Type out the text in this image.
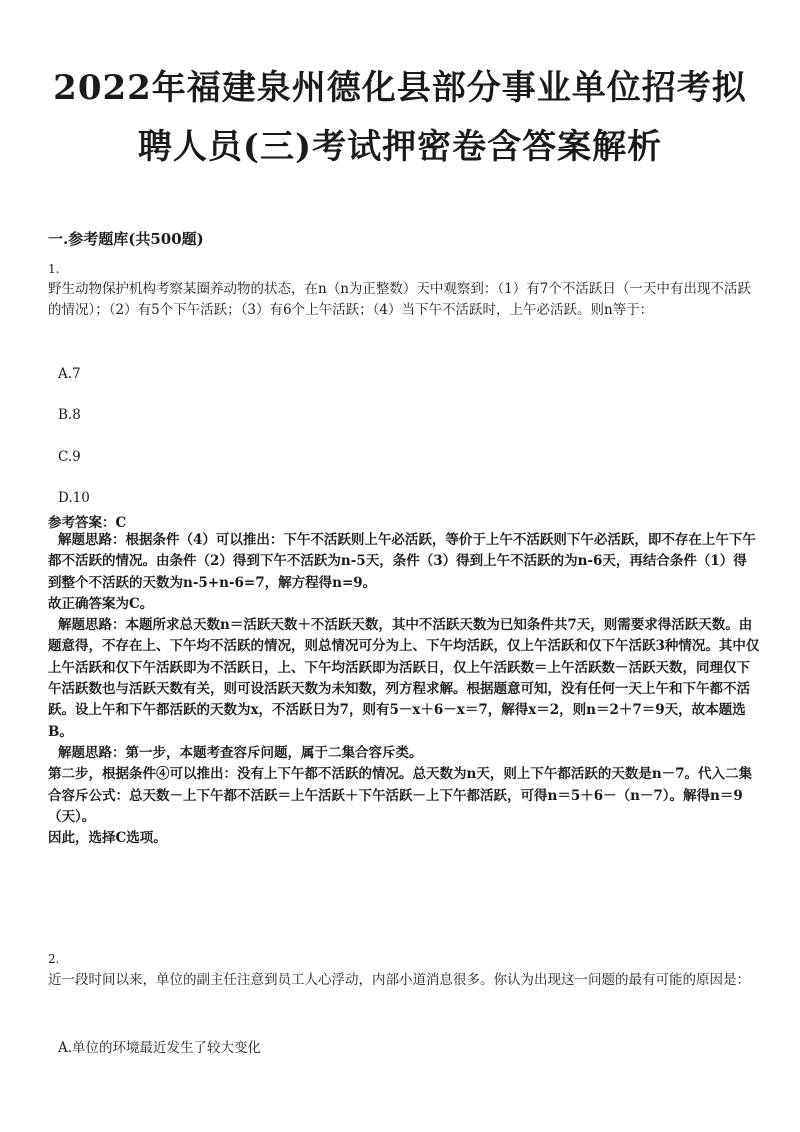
2022年福建泉州德化县部分事业单位招考拟
聘人员(三)考试押密卷含答案解析
一.参考题库(共500题)
1.
野生动物保护机构考察某圈养动物的状态，在n（n为正整数）天中观察到：（1）有7个不活跃日（一天中有出现不活跃的情况）；（2）有5个下午活跃；（3）有6个上午活跃；（4）当下午不活跃时，上午必活跃。则n等于：
A.7
B.8
C.9
D.10
参考答案：C

解题思路：根据条件（4）可以推出：下午不活跃则上午必活跃，等价于上午不活跃则下午必活跃，即不存在上午下午都不活跃的情况。由条件（2）得到下午不活跃为n-5天，条件（3）得到上午不活跃的为n-6天，再结合条件（1）得到整个不活跃的天数为n-5+n-6=7，解方程得n=9。

故正确答案为C。

解题思路：本题所求总天数n＝活跃天数＋不活跃天数，其中不活跃天数为已知条件共7天，则需要求得活跃天数。由题意得，不存在上、下午均不活跃的情况，则总情况可分为上、下午均活跃，仅上午活跃和仅下午活跃3种情况。其中仅上午活跃和仅下午活跃即为不活跃日，上、下午均活跃即为活跃日，仅上午活跃数＝上午活跃数－活跃天数，同理仅下午活跃数也与活跃天数有关，则可设活跃天数为未知数，列方程求解。根据题意可知，没有任何一天上午和下午都不活跃。设上午和下午都活跃的天数为x，不活跃日为7，则有5－x＋6－x＝7，解得x＝2，则n＝2＋7＝9天，故本题选B。

解题思路：第一步，本题考查容斥问题，属于二集合容斥类。

第二步，根据条件④可以推出：没有上下午都不活跃的情况。总天数为n天，则上下午都活跃的天数是n－7。代入二集合容斥公式：总天数－上下午都不活跃＝上午活跃＋下午活跃－上下午都活跃，可得n＝5＋6－（n－7）。解得n＝9（天）。

因此，选择C选项。

2.
近一段时间以来，单位的副主任注意到员工人心浮动，内部小道消息很多。你认为出现这一问题的最有可能的原因是：
A.单位的环境最近发生了较大变化
